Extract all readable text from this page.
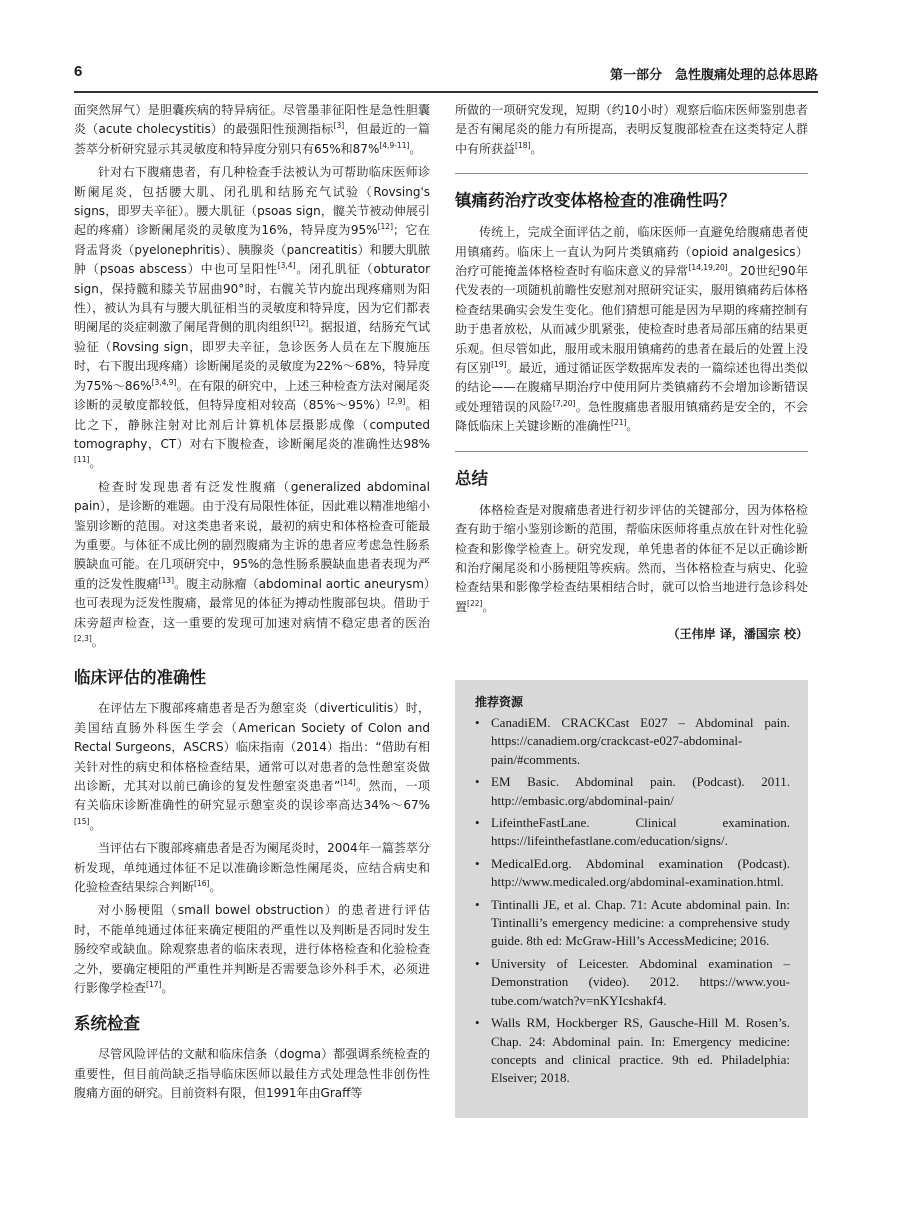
6	第一部分　急性腹痛处理的总体思路

面突然屏气）是胆囊疾病的特异病征。尽管墨菲征阳性是急性胆囊炎（acute cholecystitis）的最强阳性预测指标[3]，但最近的一篇荟萃分析研究显示其灵敏度和特异度分别只有65%和87%[4,9-11]。

针对右下腹痛患者，有几种检查手法被认为可帮助临床医师诊断阑尾炎，包括腰大肌、闭孔肌和结肠充气试验（Rovsing's signs，即罗夫辛征）。腰大肌征（psoas sign，髋关节被动伸展引起的疼痛）诊断阑尾炎的灵敏度为16%，特异度为95%[12]；它在肾盂肾炎（pyelonephritis）、胰腺炎（pancreatitis）和腰大肌脓肿（psoas abscess）中也可呈阳性[3,4]。闭孔肌征（obturator sign，保持髋和膝关节屈曲90°时，右髋关节内旋出现疼痛则为阳性），被认为具有与腰大肌征相当的灵敏度和特异度，因为它们都表明阑尾的炎症刺激了阑尾背侧的肌肉组织[12]。据报道，结肠充气试验征（Rovsing sign，即罗夫辛征，急诊医务人员在左下腹施压时，右下腹出现疼痛）诊断阑尾炎的灵敏度为22%～68%，特异度为75%～86%[3,4,9]。在有限的研究中，上述三种检查方法对阑尾炎诊断的灵敏度都较低，但特异度相对较高（85%～95%）[2,9]。相比之下，静脉注射对比剂后计算机体层摄影成像（computed tomography，CT）对右下腹检查，诊断阑尾炎的准确性达98%[11]。

检查时发现患者有泛发性腹痛（generalized abdominal pain），是诊断的难题。由于没有局限性体征，因此难以精准地缩小鉴别诊断的范围。对这类患者来说，最初的病史和体格检查可能最为重要。与体征不成比例的剧烈腹痛为主诉的患者应考虑急性肠系膜缺血可能。在几项研究中，95%的急性肠系膜缺血患者表现为严重的泛发性腹痛[13]。腹主动脉瘤（abdominal aortic aneurysm）也可表现为泛发性腹痛，最常见的体征为搏动性腹部包块。借助于床旁超声检查，这一重要的发现可加速对病情不稳定患者的医治[2,3]。

临床评估的准确性

在评估左下腹部疼痛患者是否为憩室炎（diverticulitis）时，美国结直肠外科医生学会（American Society of Colon and Rectal Surgeons，ASCRS）临床指南（2014）指出：“借助有相关针对性的病史和体格检查结果，通常可以对患者的急性憩室炎做出诊断，尤其对以前已确诊的复发性憩室炎患者”[14]。然而，一项有关临床诊断准确性的研究显示憩室炎的误诊率高达34%～67%[15]。

当评估右下腹部疼痛患者是否为阑尾炎时，2004年一篇荟萃分析发现，单纯通过体征不足以准确诊断急性阑尾炎，应结合病史和化验检查结果综合判断[16]。

对小肠梗阻（small bowel obstruction）的患者进行评估时，不能单纯通过体征来确定梗阻的严重性以及判断是否同时发生肠绞窄或缺血。除观察患者的临床表现，进行体格检查和化验检查之外，要确定梗阻的严重性并判断是否需要急诊外科手术，必须进行影像学检查[17]。

系统检查

尽管风险评估的文献和临床信条（dogma）都强调系统检查的重要性，但目前尚缺乏指导临床医师以最佳方式处理急性非创伤性腹痛方面的研究。目前资料有限，但1991年由Graff等

所做的一项研究发现，短期（约10小时）观察后临床医师鉴别患者是否有阑尾炎的能力有所提高，表明反复腹部检查在这类特定人群中有所获益[18]。

镇痛药治疗改变体格检查的准确性吗？

传统上，完成全面评估之前，临床医师一直避免给腹痛患者使用镇痛药。临床上一直认为阿片类镇痛药（opioid analgesics）治疗可能掩盖体格检查时有临床意义的异常[14,19,20]。20世纪90年代发表的一项随机前瞻性安慰剂对照研究证实，服用镇痛药后体格检查结果确实会发生变化。他们猜想可能是因为早期的疼痛控制有助于患者放松，从而减少肌紧张，使检查时患者局部压痛的结果更乐观。但尽管如此，服用或未服用镇痛药的患者在最后的处置上没有区别[19]。最近，通过循证医学数据库发表的一篇综述也得出类似的结论——在腹痛早期治疗中使用阿片类镇痛药不会增加诊断错误或处理错误的风险[7,20]。急性腹痛患者服用镇痛药是安全的，不会降低临床上关键诊断的准确性[21]。

总结

体格检查是对腹痛患者进行初步评估的关键部分，因为体格检查有助于缩小鉴别诊断的范围，帮临床医师将重点放在针对性化验检查和影像学检查上。研究发现，单凭患者的体征不足以正确诊断和治疗阑尾炎和小肠梗阻等疾病。然而，当体格检查与病史、化验检查结果和影像学检查结果相结合时，就可以恰当地进行急诊科处置[22]。

（王伟岸 译，潘国宗 校）
推荐资源
• CanadiEM. CRACKCast E027 – Abdominal pain. https://canadiem.org/crackcast-e027-abdominal-pain/#comments.
• EM Basic. Abdominal pain. (Podcast). 2011. http://embasic.org/abdominal-pain/
• LifeintheFastLane. Clinical examination. https://lifeinthefastlane.com/education/signs/.
• MedicalEd.org. Abdominal examination (Podcast). http://www.medicaled.org/abdominal-examination.html.
• Tintinalli JE, et al. Chap. 71: Acute abdominal pain. In: Tintinalli’s emergency medicine: a comprehensive study guide. 8th ed: McGraw-Hill’s AccessMedicine; 2016.
• University of Leicester. Abdominal examination – Demonstration (video). 2012. https://www.you-tube.com/watch?v=nKYIcshakf4.
• Walls RM, Hockberger RS, Gausche-Hill M. Rosen’s. Chap. 24: Abdominal pain. In: Emergency medicine: concepts and clinical practice. 9th ed. Philadelphia: Elseiver; 2018.
